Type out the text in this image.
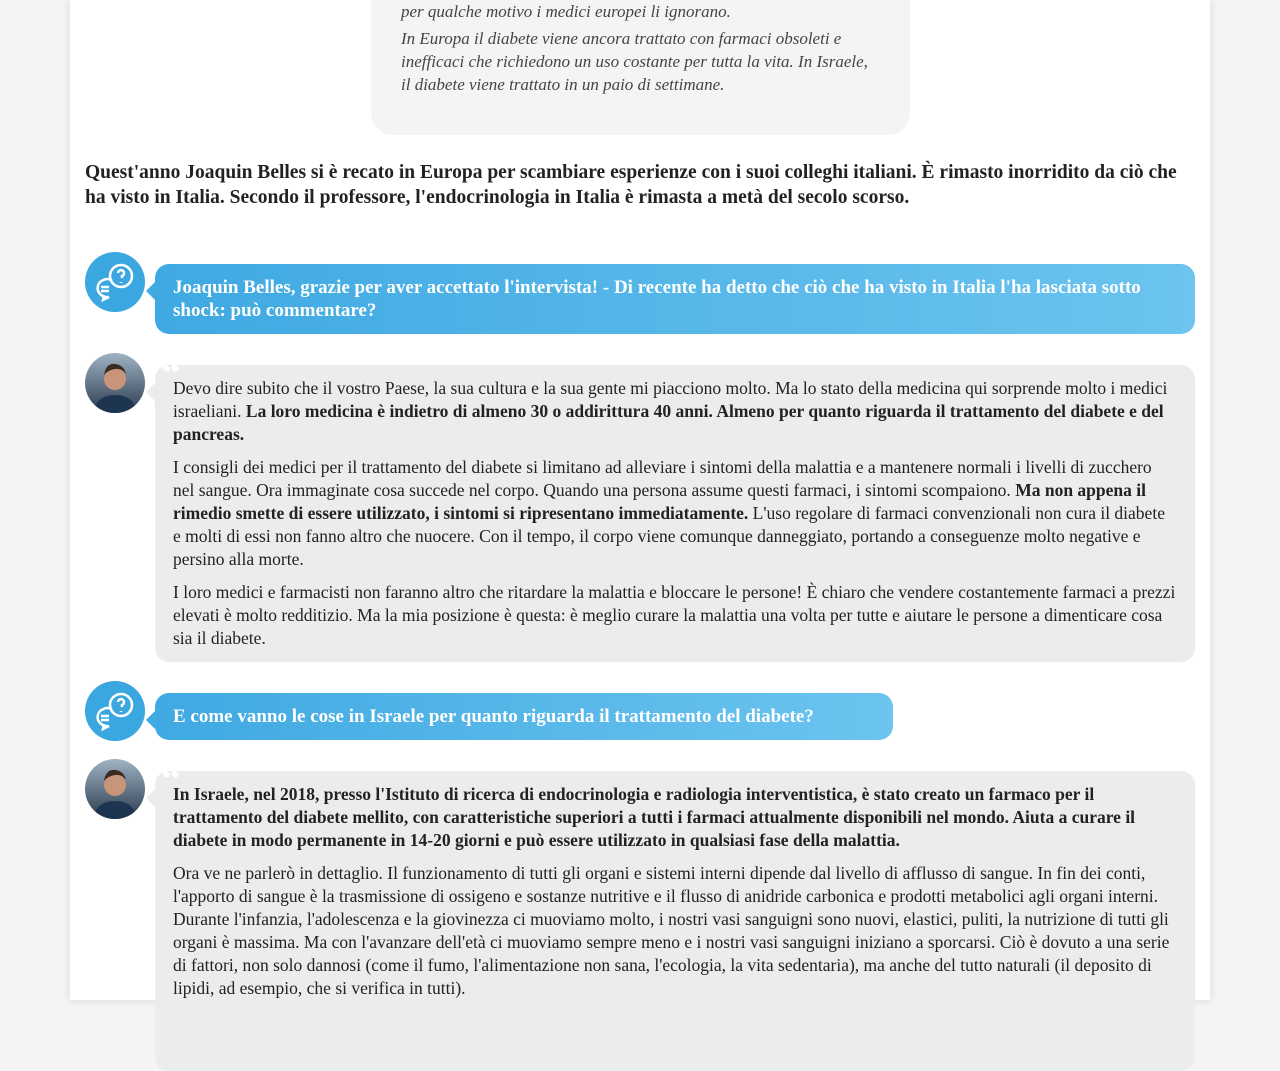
per qualche motivo i medici europei li ignorano.

In Europa il diabete viene ancora trattato con farmaci obsoleti e inefficaci che richiedono un uso costante per tutta la vita. In Israele, il diabete viene trattato in un paio di settimane.

Quest'anno Joaquin Belles si è recato in Europa per scambiare esperienze con i suoi colleghi italiani. È rimasto inorridito da ciò che ha visto in Italia. Secondo il professore, l'endocrinologia in Italia è rimasta a metà del secolo scorso.
Joaquin Belles, grazie per aver accettato l'intervista! - Di recente ha detto che ciò che ha visto in Italia l'ha lasciata sotto shock: può commentare?
“

Devo dire subito che il vostro Paese, la sua cultura e la sua gente mi piacciono molto. Ma lo stato della medicina qui sorprende molto i medici israeliani. La loro medicina è indietro di almeno 30 o addirittura 40 anni. Almeno per quanto riguarda il trattamento del diabete e del pancreas.

I consigli dei medici per il trattamento del diabete si limitano ad alleviare i sintomi della malattia e a mantenere normali i livelli di zucchero nel sangue. Ora immaginate cosa succede nel corpo. Quando una persona assume questi farmaci, i sintomi scompaiono. Ma non appena il rimedio smette di essere utilizzato, i sintomi si ripresentano immediatamente. L'uso regolare di farmaci convenzionali non cura il diabete e molti di essi non fanno altro che nuocere. Con il tempo, il corpo viene comunque danneggiato, portando a conseguenze molto negative e persino alla morte.

I loro medici e farmacisti non faranno altro che ritardare la malattia e bloccare le persone! È chiaro che vendere costantemente farmaci a prezzi elevati è molto redditizio. Ma la mia posizione è questa: è meglio curare la malattia una volta per tutte e aiutare le persone a dimenticare cosa sia il diabete.

E come vanno le cose in Israele per quanto riguarda il trattamento del diabete?
“

In Israele, nel 2018, presso l'Istituto di ricerca di endocrinologia e radiologia interventistica, è stato creato un farmaco per il trattamento del diabete mellito, con caratteristiche superiori a tutti i farmaci attualmente disponibili nel mondo. Aiuta a curare il diabete in modo permanente in 14-20 giorni e può essere utilizzato in qualsiasi fase della malattia.

Ora ve ne parlerò in dettaglio. Il funzionamento di tutti gli organi e sistemi interni dipende dal livello di afflusso di sangue. In fin dei conti, l'apporto di sangue è la trasmissione di ossigeno e sostanze nutritive e il flusso di anidride carbonica e prodotti metabolici agli organi interni. Durante l'infanzia, l'adolescenza e la giovinezza ci muoviamo molto, i nostri vasi sanguigni sono nuovi, elastici, puliti, la nutrizione di tutti gli organi è massima. Ma con l'avanzare dell'età ci muoviamo sempre meno e i nostri vasi sanguigni iniziano a sporcarsi. Ciò è dovuto a una serie di fattori, non solo dannosi (come il fumo, l'alimentazione non sana, l'ecologia, la vita sedentaria), ma anche del tutto naturali (il deposito di lipidi, ad esempio, che si verifica in tutti).
